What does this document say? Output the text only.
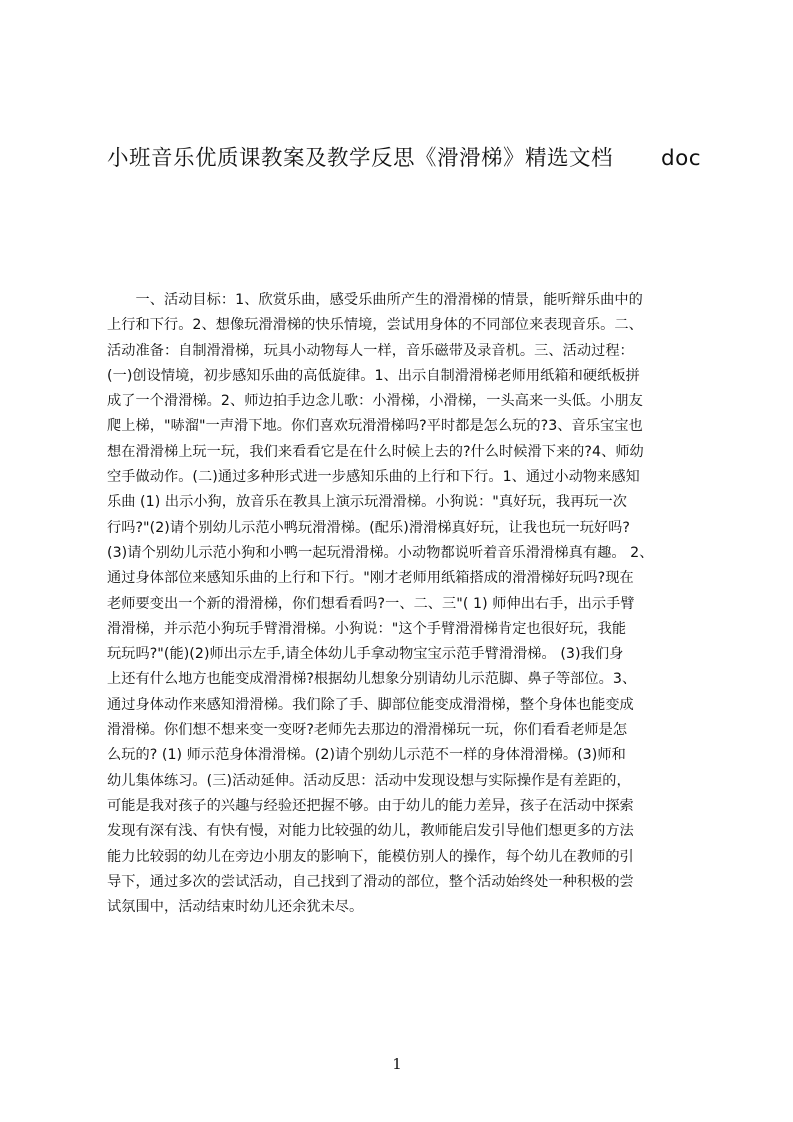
小班音乐优质课教案及教学反思《滑滑梯》精选文档 doc
　　一、活动目标：1、欣赏乐曲，感受乐曲所产生的滑滑梯的情景，能听辩乐曲中的
上行和下行。2、想像玩滑滑梯的快乐情境，尝试用身体的不同部位来表现音乐。二、
活动准备：自制滑滑梯，玩具小动物每人一样，音乐磁带及录音机。三、活动过程：
(一)创设情境，初步感知乐曲的高低旋律。1、出示自制滑滑梯老师用纸箱和硬纸板拼
成了一个滑滑梯。2、师边拍手边念儿歌：小滑梯，小滑梯，一头高来一头低。小朋友
爬上梯，"哧溜"一声滑下地。你们喜欢玩滑滑梯吗?平时都是怎么玩的?3、音乐宝宝也
想在滑滑梯上玩一玩，我们来看看它是在什么时候上去的?什么时候滑下来的?4、师幼
空手做动作。(二)通过多种形式进一步感知乐曲的上行和下行。1、通过小动物来感知
乐曲 (1) 出示小狗，放音乐在教具上演示玩滑滑梯。小狗说："真好玩，我再玩一次
行吗?"(2)请个别幼儿示范小鸭玩滑滑梯。(配乐)滑滑梯真好玩，让我也玩一玩好吗?
(3)请个别幼儿示范小狗和小鸭一起玩滑滑梯。小动物都说听着音乐滑滑梯真有趣。 2、
通过身体部位来感知乐曲的上行和下行。"刚才老师用纸箱搭成的滑滑梯好玩吗?现在
老师要变出一个新的滑滑梯，你们想看看吗?一、二、三"( 1) 师伸出右手，出示手臂
滑滑梯，并示范小狗玩手臂滑滑梯。小狗说："这个手臂滑滑梯肯定也很好玩，我能
玩玩吗?"(能)(2)师出示左手,请全体幼儿手拿动物宝宝示范手臂滑滑梯。 (3)我们身
上还有什么地方也能变成滑滑梯?根据幼儿想象分别请幼儿示范脚、鼻子等部位。3、
通过身体动作来感知滑滑梯。我们除了手、脚部位能变成滑滑梯，整个身体也能变成
滑滑梯。你们想不想来变一变呀?老师先去那边的滑滑梯玩一玩，你们看看老师是怎
么玩的? (1) 师示范身体滑滑梯。(2)请个别幼儿示范不一样的身体滑滑梯。(3)师和
幼儿集体练习。(三)活动延伸。活动反思：活动中发现设想与实际操作是有差距的，
可能是我对孩子的兴趣与经验还把握不够。由于幼儿的能力差异，孩子在活动中探索
发现有深有浅、有快有慢，对能力比较强的幼儿，教师能启发引导他们想更多的方法
能力比较弱的幼儿在旁边小朋友的影响下，能模仿别人的操作，每个幼儿在教师的引
导下，通过多次的尝试活动，自己找到了滑动的部位，整个活动始终处一种积极的尝
试氛围中，活动结束时幼儿还余犹未尽。
1
